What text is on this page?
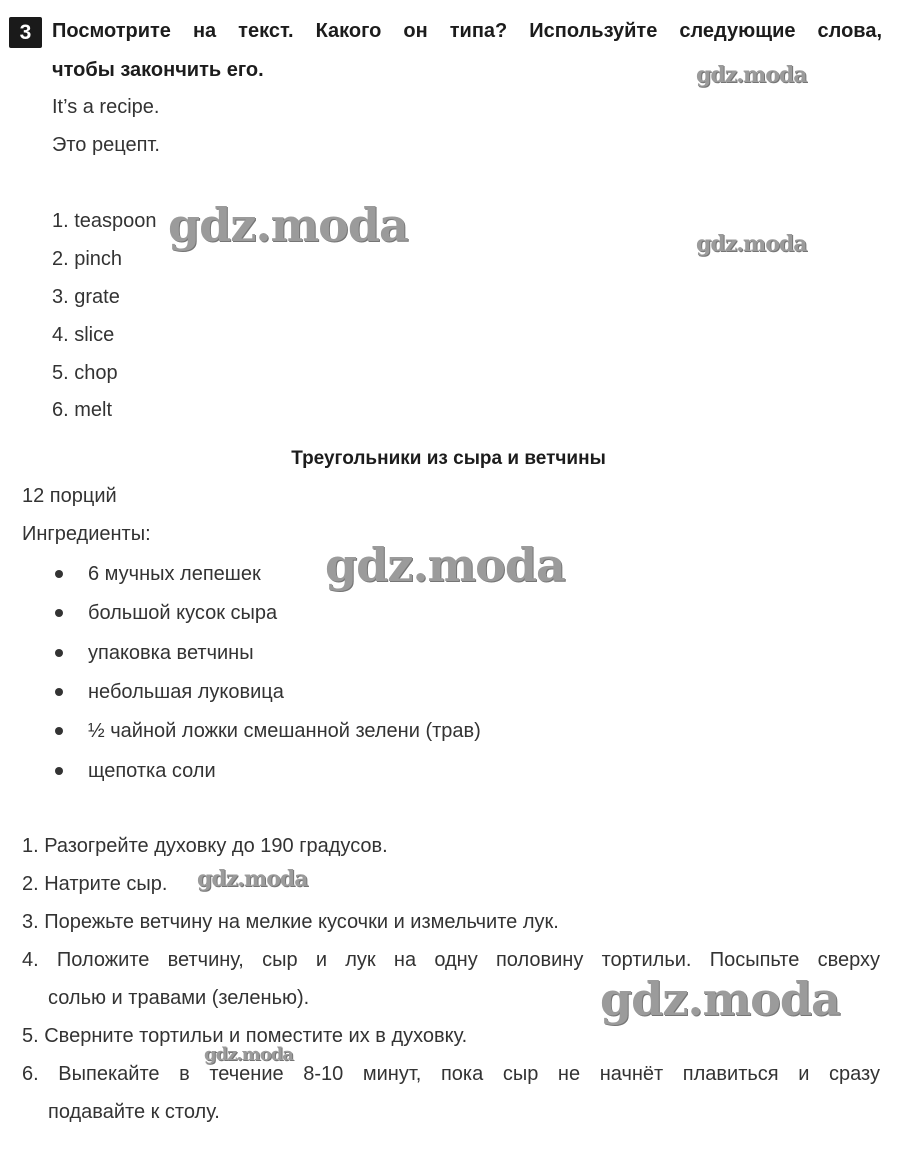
3	Посмотрите на текст. Какого он типа? Используйте следующие слова,
чтобы закончить его.
It’s a recipe.
Это рецепт.
1. teaspoon
2. pinch
3. grate
4. slice
5. chop
6. melt
Треугольники из сыра и ветчины
12 порций
Ингредиенты:
6 мучных лепешек
большой кусок сыра
упаковка ветчины
небольшая луковица
½ чайной ложки смешанной зелени (трав)
щепотка соли
1. Разогрейте духовку до 190 градусов.
2. Натрите сыр.
3. Порежьте ветчину на мелкие кусочки и измельчите лук.
4. Положите ветчину, сыр и лук на одну половину тортильи. Посыпьте сверху
солью и травами (зеленью).
5. Сверните тортильи и поместите их в духовку.
6. Выпекайте в течение 8-10 минут, пока сыр не начнёт плавиться и сразу
подавайте к столу.
gdz.moda
gdz.moda	gdz.moda
gdz.moda
gdz.moda
gdz.moda
gdz.moda
